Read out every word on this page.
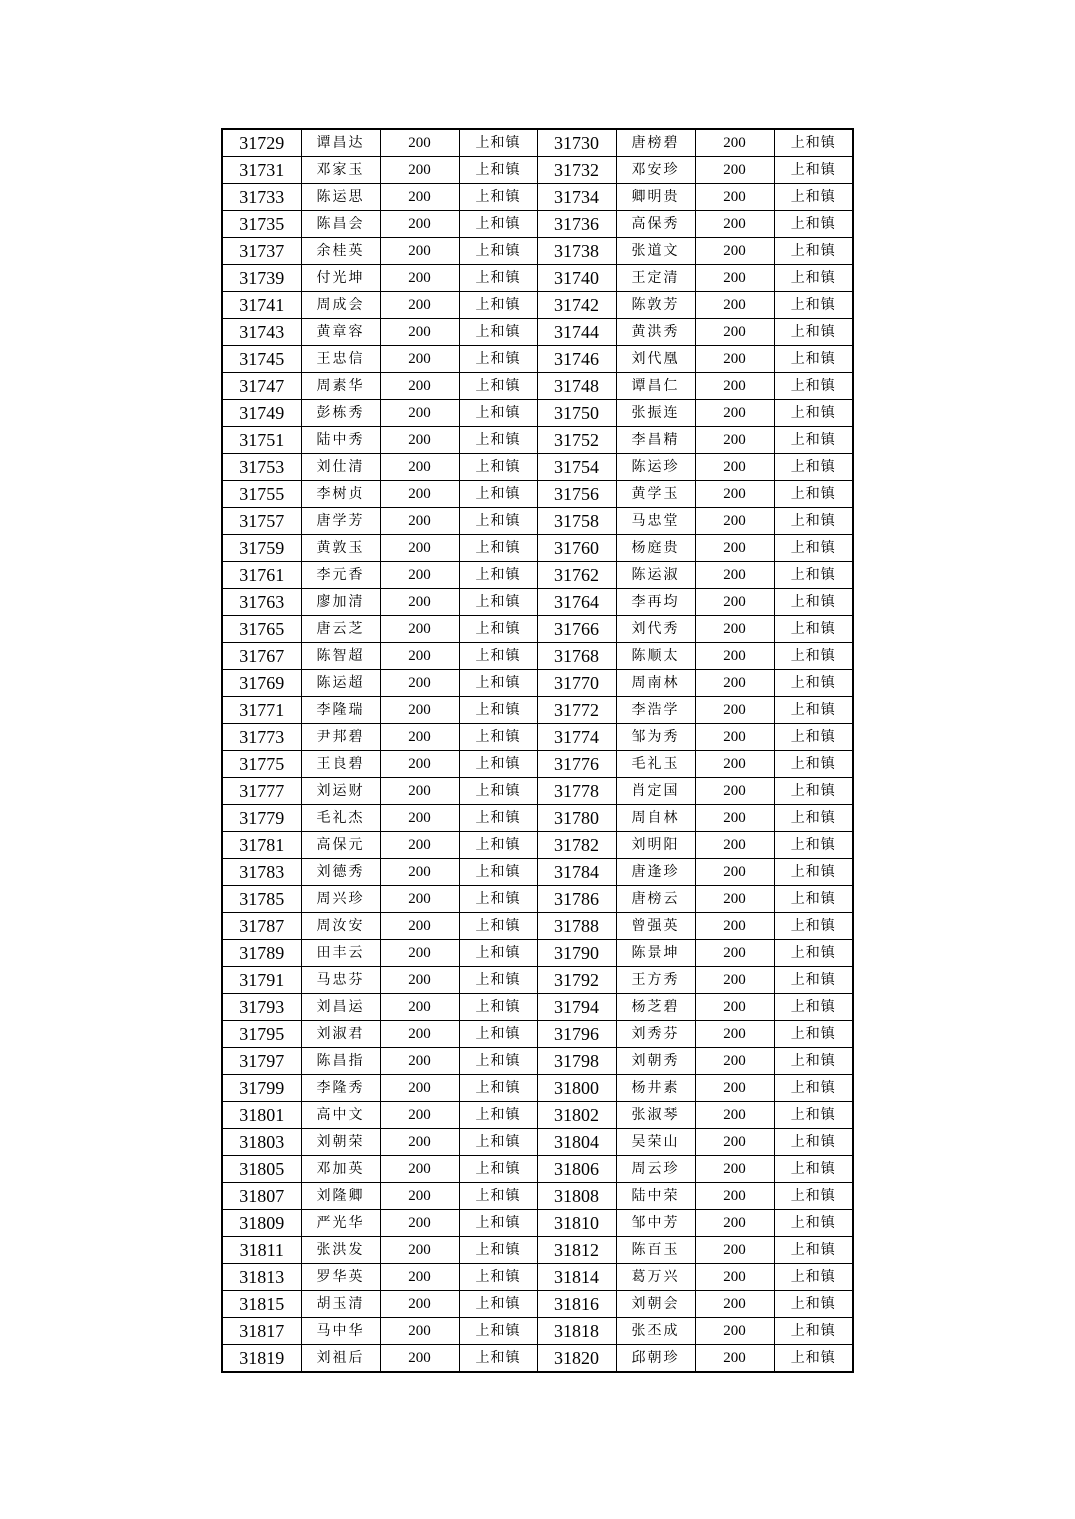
31729	谭昌达	200	上和镇	31730	唐榜碧	200	上和镇
31731	邓家玉	200	上和镇	31732	邓安珍	200	上和镇
31733	陈运思	200	上和镇	31734	卿明贵	200	上和镇
31735	陈昌会	200	上和镇	31736	高保秀	200	上和镇
31737	余桂英	200	上和镇	31738	张道文	200	上和镇
31739	付光坤	200	上和镇	31740	王定清	200	上和镇
31741	周成会	200	上和镇	31742	陈敦芳	200	上和镇
31743	黄章容	200	上和镇	31744	黄洪秀	200	上和镇
31745	王忠信	200	上和镇	31746	刘代凰	200	上和镇
31747	周素华	200	上和镇	31748	谭昌仁	200	上和镇
31749	彭栋秀	200	上和镇	31750	张振连	200	上和镇
31751	陆中秀	200	上和镇	31752	李昌精	200	上和镇
31753	刘仕清	200	上和镇	31754	陈运珍	200	上和镇
31755	李树贞	200	上和镇	31756	黄学玉	200	上和镇
31757	唐学芳	200	上和镇	31758	马忠堂	200	上和镇
31759	黄敦玉	200	上和镇	31760	杨庭贵	200	上和镇
31761	李元香	200	上和镇	31762	陈运淑	200	上和镇
31763	廖加清	200	上和镇	31764	李再均	200	上和镇
31765	唐云芝	200	上和镇	31766	刘代秀	200	上和镇
31767	陈智超	200	上和镇	31768	陈顺太	200	上和镇
31769	陈运超	200	上和镇	31770	周南林	200	上和镇
31771	李隆瑞	200	上和镇	31772	李浩学	200	上和镇
31773	尹邦碧	200	上和镇	31774	邹为秀	200	上和镇
31775	王良碧	200	上和镇	31776	毛礼玉	200	上和镇
31777	刘运财	200	上和镇	31778	肖定国	200	上和镇
31779	毛礼杰	200	上和镇	31780	周自林	200	上和镇
31781	高保元	200	上和镇	31782	刘明阳	200	上和镇
31783	刘德秀	200	上和镇	31784	唐逢珍	200	上和镇
31785	周兴珍	200	上和镇	31786	唐榜云	200	上和镇
31787	周汝安	200	上和镇	31788	曾强英	200	上和镇
31789	田丰云	200	上和镇	31790	陈景坤	200	上和镇
31791	马忠芬	200	上和镇	31792	王方秀	200	上和镇
31793	刘昌运	200	上和镇	31794	杨芝碧	200	上和镇
31795	刘淑君	200	上和镇	31796	刘秀芬	200	上和镇
31797	陈昌指	200	上和镇	31798	刘朝秀	200	上和镇
31799	李隆秀	200	上和镇	31800	杨井素	200	上和镇
31801	高中文	200	上和镇	31802	张淑琴	200	上和镇
31803	刘朝荣	200	上和镇	31804	吴荣山	200	上和镇
31805	邓加英	200	上和镇	31806	周云珍	200	上和镇
31807	刘隆卿	200	上和镇	31808	陆中荣	200	上和镇
31809	严光华	200	上和镇	31810	邹中芳	200	上和镇
31811	张洪发	200	上和镇	31812	陈百玉	200	上和镇
31813	罗华英	200	上和镇	31814	葛万兴	200	上和镇
31815	胡玉清	200	上和镇	31816	刘朝会	200	上和镇
31817	马中华	200	上和镇	31818	张丕成	200	上和镇
31819	刘祖后	200	上和镇	31820	邱朝珍	200	上和镇
